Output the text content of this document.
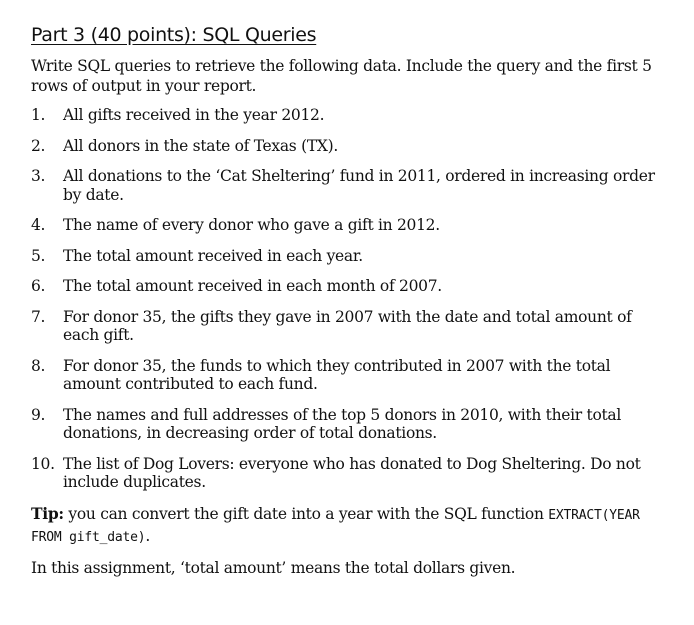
Part 3 (40 points): SQL Queries

Write SQL queries to retrieve the following data. Include the query and the first 5 rows of output in your report.

1.	All gifts received in the year 2012.
2.	All donors in the state of Texas (TX).
3.	All donations to the ‘Cat Sheltering’ fund in 2011, ordered in increasing order by date.
4.	The name of every donor who gave a gift in 2012.
5.	The total amount received in each year.
6.	The total amount received in each month of 2007.
7.	For donor 35, the gifts they gave in 2007 with the date and total amount of each gift.
8.	For donor 35, the funds to which they contributed in 2007 with the total amount contributed to each fund.
9.	The names and full addresses of the top 5 donors in 2010, with their total donations, in decreasing order of total donations.
10. The list of Dog Lovers: everyone who has donated to Dog Sheltering. Do not include duplicates.

Tip: you can convert the gift date into a year with the SQL function EXTRACT(YEAR FROM gift_date).

In this assignment, ‘total amount’ means the total dollars given.
